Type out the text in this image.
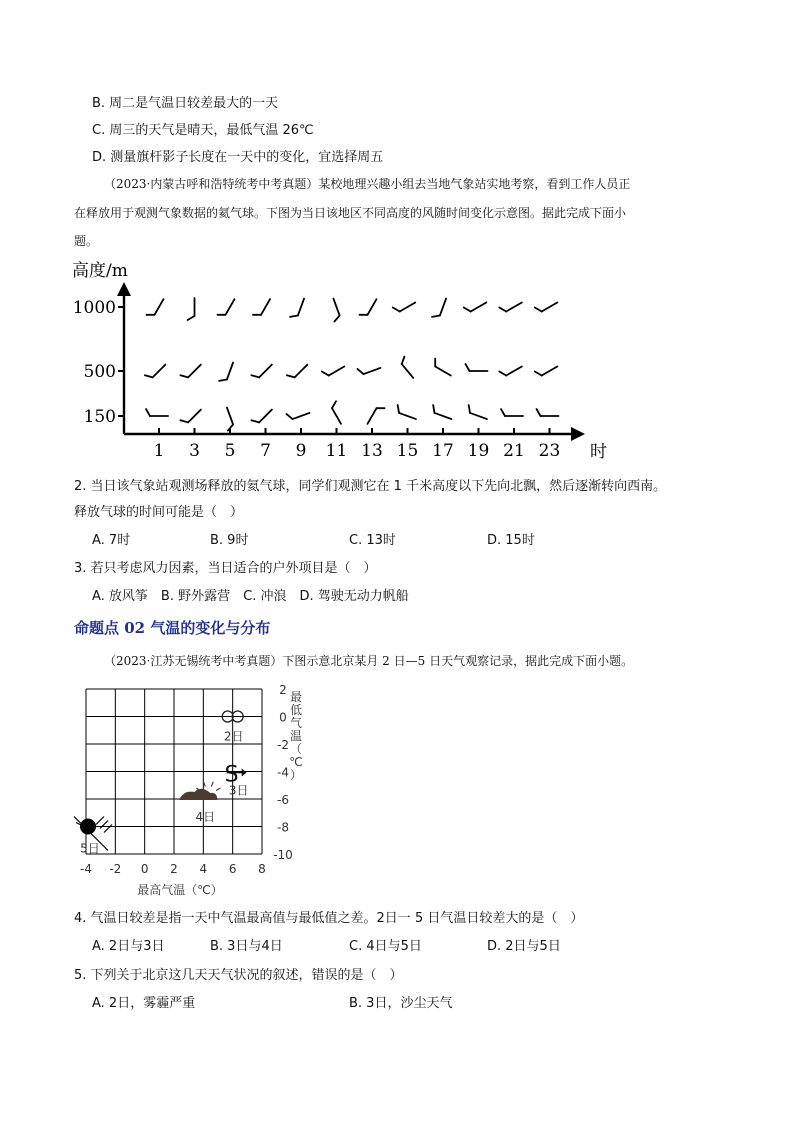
B. 周二是气温日较差最大的一天
C. 周三的天气是晴天，最低气温 26℃
D. 测量旗杆影子长度在一天中的变化，宜选择周五
（2023·内蒙古呼和浩特统考中考真题）某校地理兴趣小组去当地气象站实地考察，看到工作人员正
在释放用于观测气象数据的氦气球。下图为当日该地区不同高度的风随时间变化示意图。据此完成下面小
题。
高度/m
时
1000
500
150
1 3 5 7 9 11 13 15 17 19 21 23
2. 当日该气象站观测场释放的氦气球，同学们观测它在 1 千米高度以下先向北飘，然后逐渐转向西南。
释放气球的时间可能是（　）
A. 7时	B. 9时	C. 13时	D. 15时
3. 若只考虑风力因素，当日适合的户外项目是（　）
A. 放风筝　B. 野外露营　C. 冲浪　D. 驾驶无动力帆船
命题点 02 气温的变化与分布
（2023·江苏无锡统考中考真题）下图示意北京某月 2 日—5 日天气观察记录，据此完成下面小题。
-4 -2 0 2 4 6 8
2
0
-2
-4
-6
-8
-10
最高气温（℃）
最低气温（℃）
2日
S
3日
4日
5日
4. 气温日较差是指一天中气温最高值与最低值之差。2日一 5 日气温日较差大的是（　）
A. 2日与3日	B. 3日与4日	C. 4日与5日	D. 2日与5日
5. 下列关于北京这几天天气状况的叙述，错误的是（　）
A. 2日，雾霾严重	B. 3日，沙尘天气
